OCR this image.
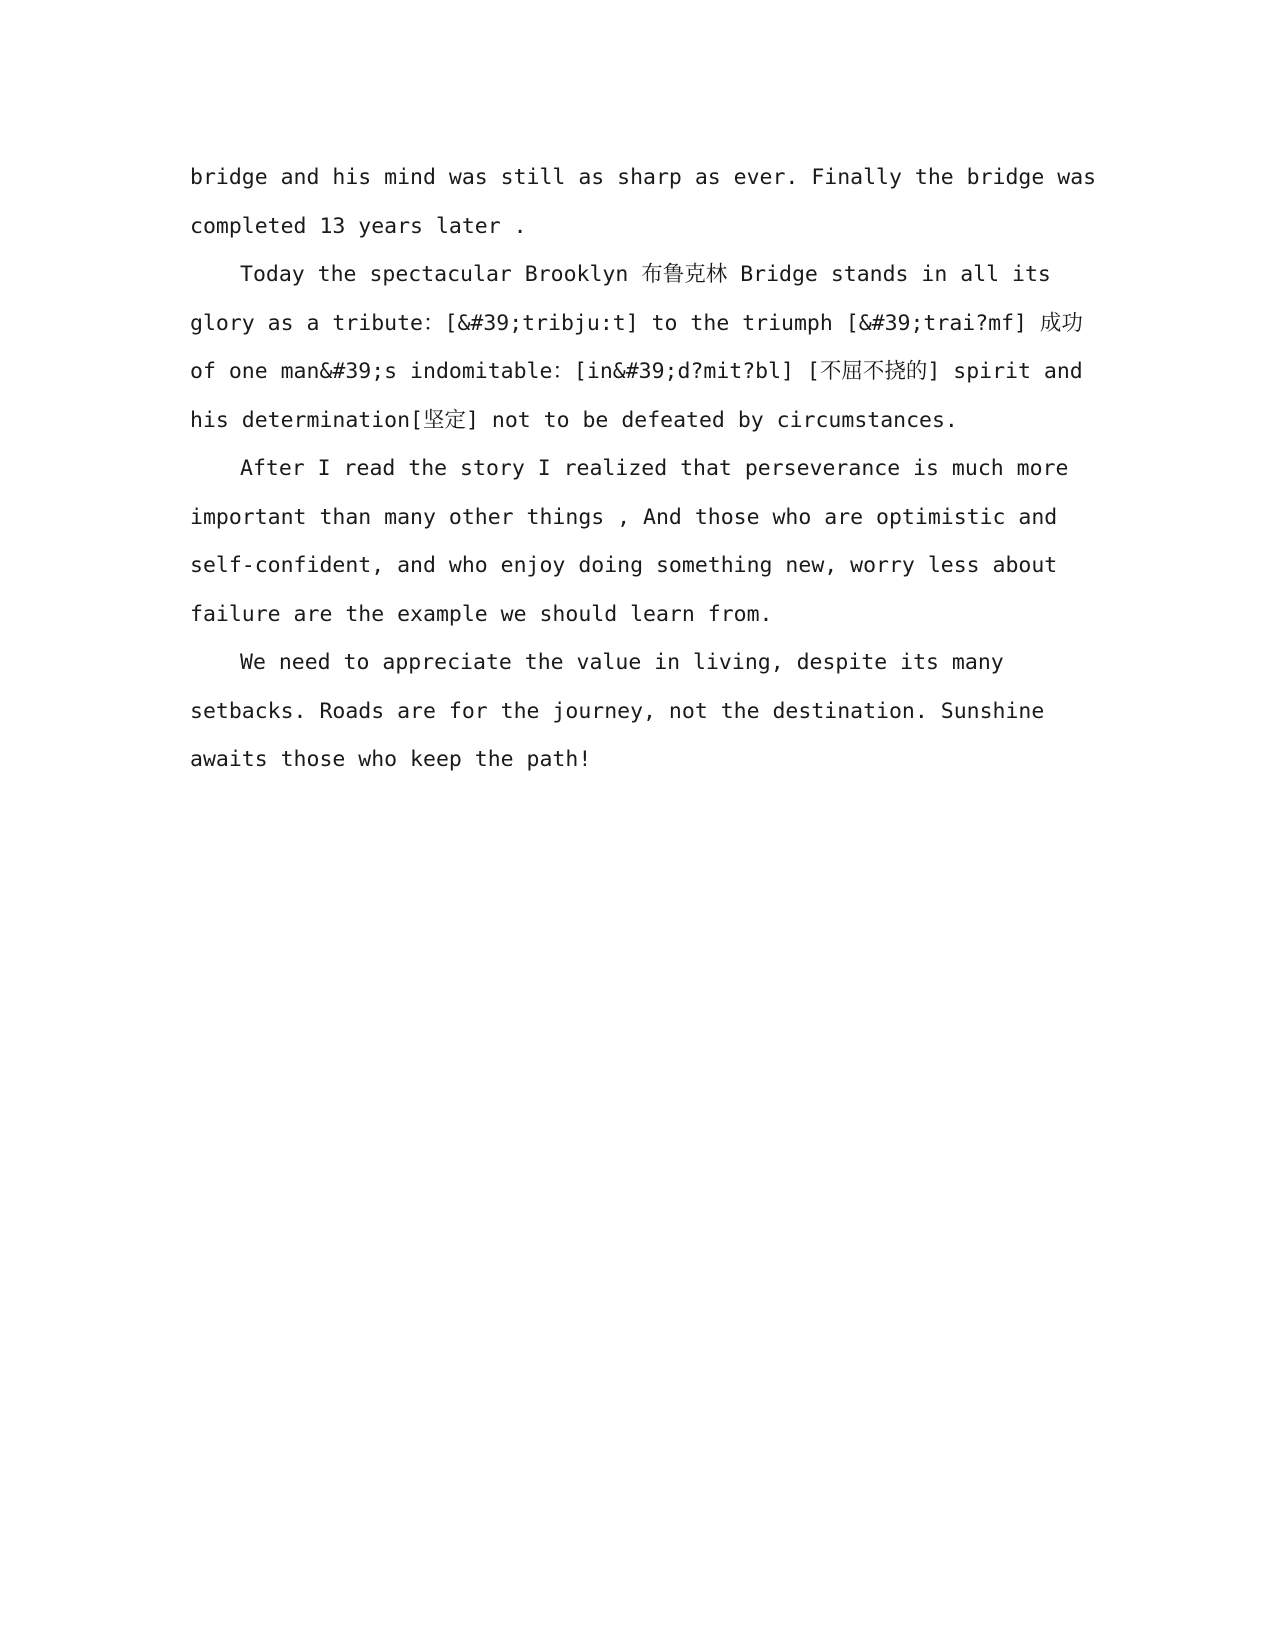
bridge and his mind was still as sharp as ever. Finally the bridge was
completed 13 years later .
Today the spectacular Brooklyn 布鲁克林 Bridge stands in all its
glory as a tribute：[&#39;tribju:t] to the triumph [&#39;trai?mf] 成功
of one man&#39;s indomitable：[in&#39;d?mit?bl] [不屈不挠的] spirit and
his determination[坚定] not to be defeated by circumstances.
After I read the story I realized that perseverance is much more
important than many other things , And those who are optimistic and
self-confident, and who enjoy doing something new, worry less about
failure are the example we should learn from.
We need to appreciate the value in living, despite its many
setbacks. Roads are for the journey, not the destination. Sunshine
awaits those who keep the path!
